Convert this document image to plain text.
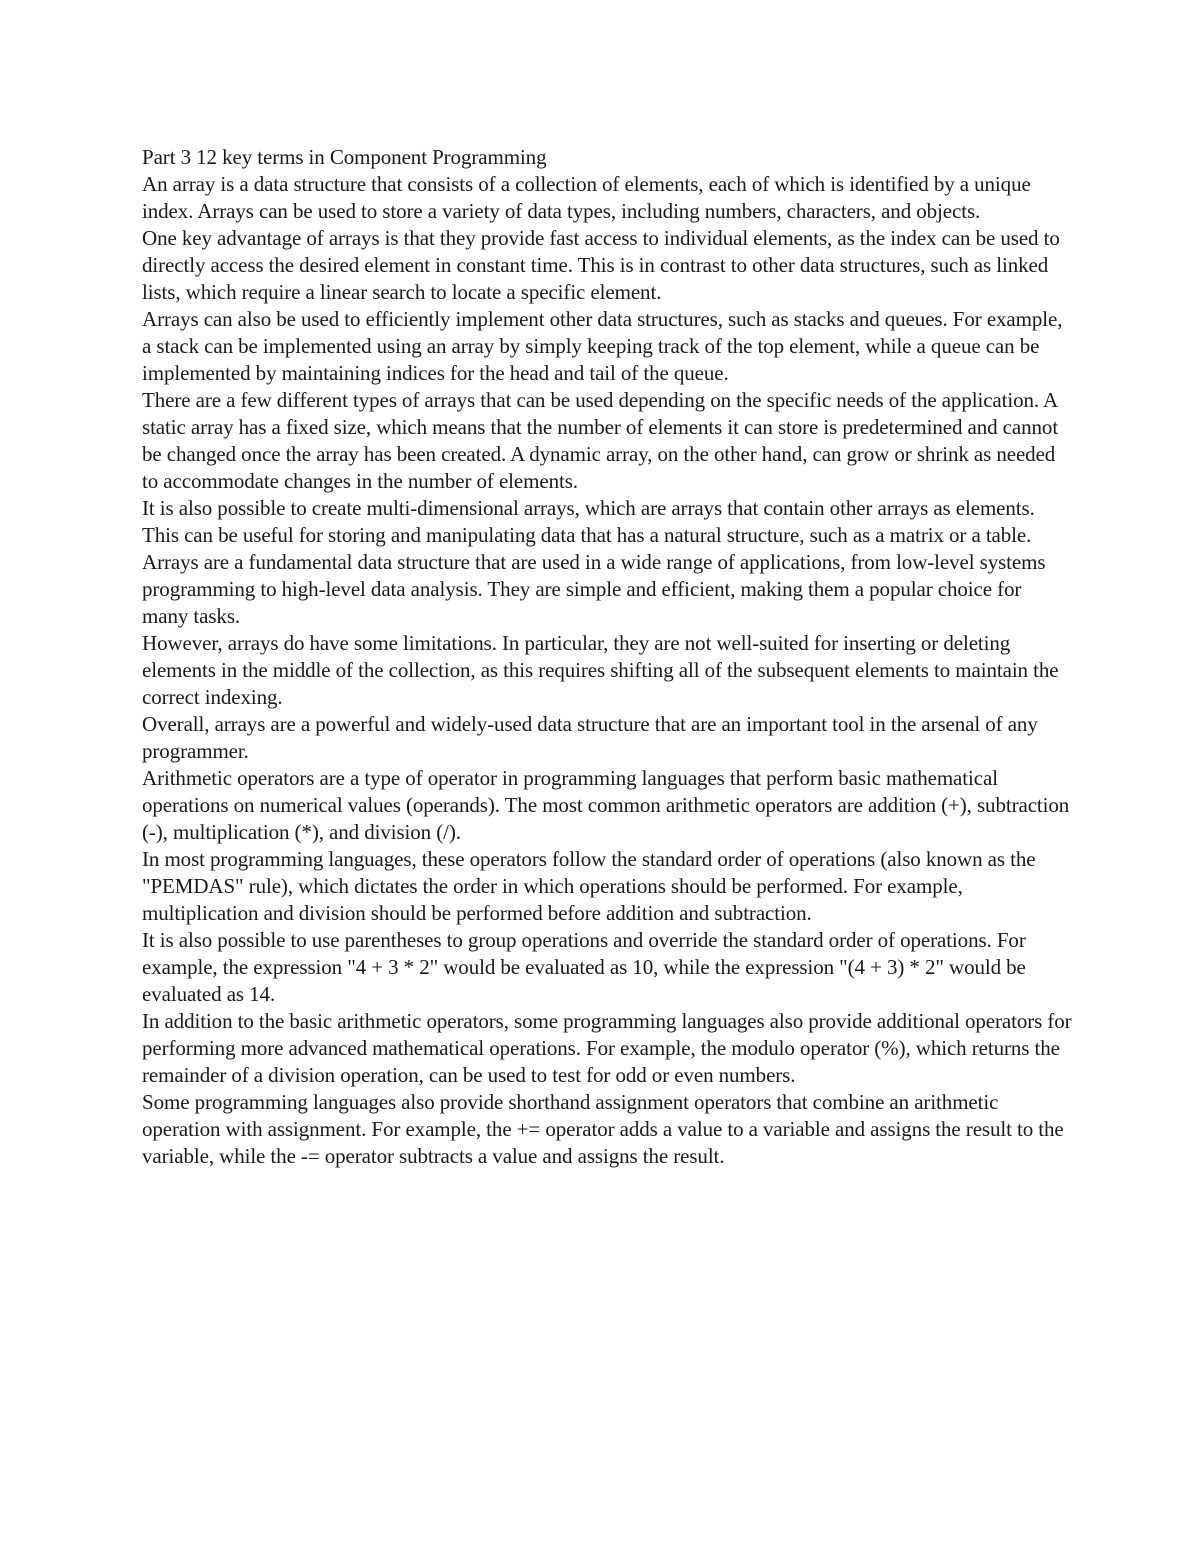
Part 3 12 key terms in Component Programming

An array is a data structure that consists of a collection of elements, each of which is identified by a unique index. Arrays can be used to store a variety of data types, including numbers, characters, and objects.

One key advantage of arrays is that they provide fast access to individual elements, as the index can be used to directly access the desired element in constant time. This is in contrast to other data structures, such as linked lists, which require a linear search to locate a specific element.

Arrays can also be used to efficiently implement other data structures, such as stacks and queues. For example, a stack can be implemented using an array by simply keeping track of the top element, while a queue can be implemented by maintaining indices for the head and tail of the queue.

There are a few different types of arrays that can be used depending on the specific needs of the application. A static array has a fixed size, which means that the number of elements it can store is predetermined and cannot be changed once the array has been created. A dynamic array, on the other hand, can grow or shrink as needed to accommodate changes in the number of elements.

It is also possible to create multi-dimensional arrays, which are arrays that contain other arrays as elements. This can be useful for storing and manipulating data that has a natural structure, such as a matrix or a table.

Arrays are a fundamental data structure that are used in a wide range of applications, from low-level systems programming to high-level data analysis. They are simple and efficient, making them a popular choice for many tasks.

However, arrays do have some limitations. In particular, they are not well-suited for inserting or deleting elements in the middle of the collection, as this requires shifting all of the subsequent elements to maintain the correct indexing.

Overall, arrays are a powerful and widely-used data structure that are an important tool in the arsenal of any programmer.

Arithmetic operators are a type of operator in programming languages that perform basic mathematical operations on numerical values (operands). The most common arithmetic operators are addition (+), subtraction (-), multiplication (*), and division (/).

In most programming languages, these operators follow the standard order of operations (also known as the "PEMDAS" rule), which dictates the order in which operations should be performed. For example, multiplication and division should be performed before addition and subtraction.

It is also possible to use parentheses to group operations and override the standard order of operations. For example, the expression "4 + 3 * 2" would be evaluated as 10, while the expression "(4 + 3) * 2" would be evaluated as 14.

In addition to the basic arithmetic operators, some programming languages also provide additional operators for performing more advanced mathematical operations. For example, the modulo operator (%), which returns the remainder of a division operation, can be used to test for odd or even numbers.

Some programming languages also provide shorthand assignment operators that combine an arithmetic operation with assignment. For example, the += operator adds a value to a variable and assigns the result to the variable, while the -= operator subtracts a value and assigns the result.
